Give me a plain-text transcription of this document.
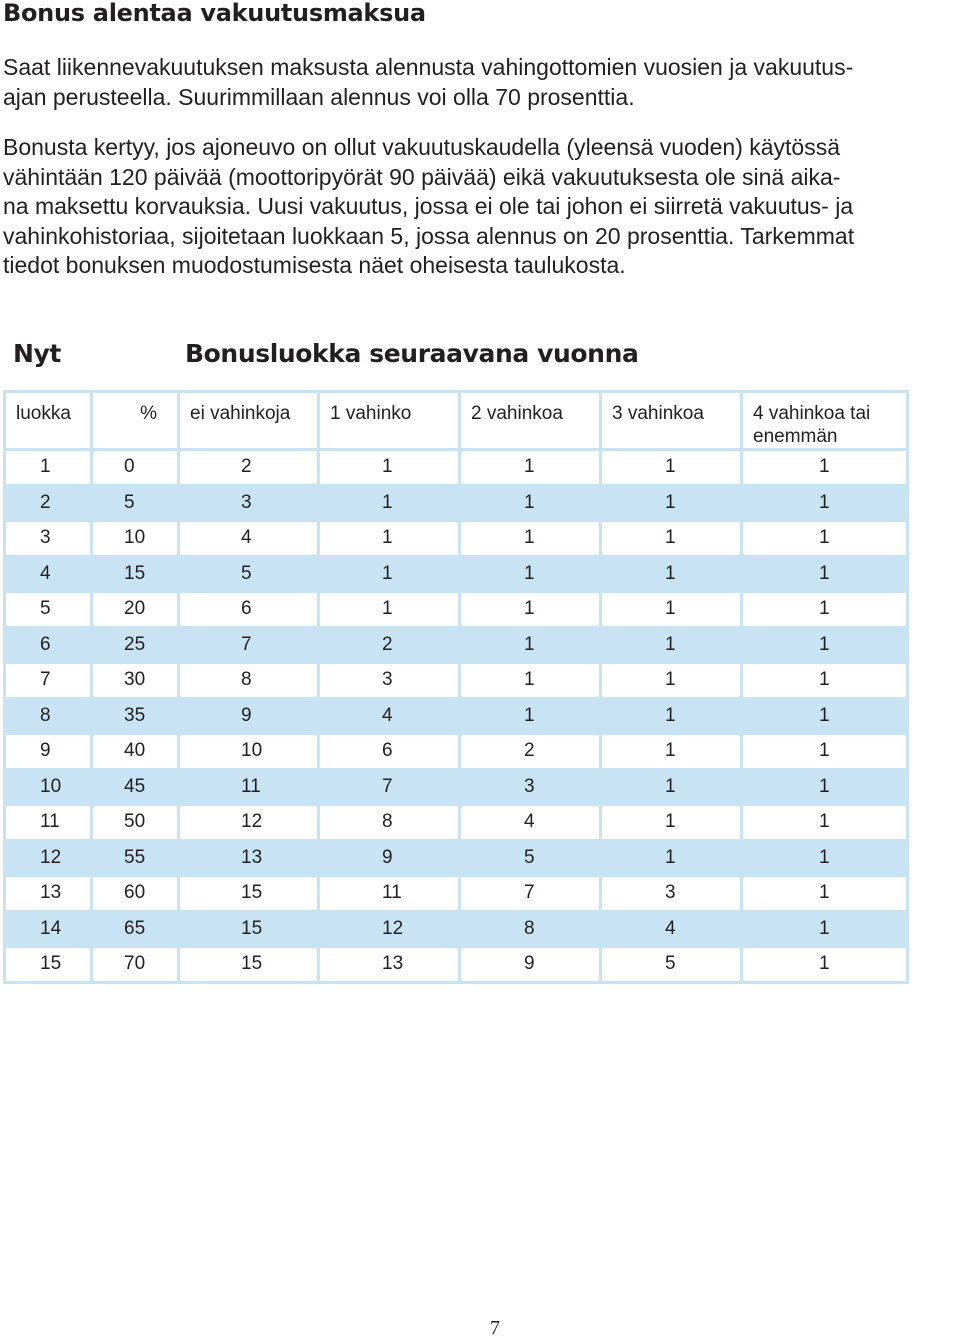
Bonus alentaa vakuutusmaksua

Saat liikennevakuutuksen maksusta alennusta vahingottomien vuosien ja vakuutus-
ajan perusteella. Suurimmillaan alennus voi olla 70 prosenttia.

Bonusta kertyy, jos ajoneuvo on ollut vakuutuskaudella (yleensä vuoden) käytössä
vähintään 120 päivää (moottoripyörät 90 päivää) eikä vakuutuksesta ole sinä aika-
na maksettu korvauksia. Uusi vakuutus, jossa ei ole tai johon ei siirretä vakuutus- ja
vahinkohistoriaa, sijoitetaan luokkaan 5, jossa alennus on 20 prosenttia. Tarkemmat
tiedot bonuksen muodostumisesta näet oheisesta taulukosta.

Nyt	Bonusluokka seuraavana vuonna
luokka	%	ei vahinkoja	1 vahinko	2 vahinkoa	3 vahinkoa	4 vahinkoa tai enemmän
1	0	2	1	1	1	1
2	5	3	1	1	1	1
3	10	4	1	1	1	1
4	15	5	1	1	1	1
5	20	6	1	1	1	1
6	25	7	2	1	1	1
7	30	8	3	1	1	1
8	35	9	4	1	1	1
9	40	10	6	2	1	1
10	45	11	7	3	1	1
11	50	12	8	4	1	1
12	55	13	9	5	1	1
13	60	15	11	7	3	1
14	65	15	12	8	4	1
15	70	15	13	9	5	1
7
